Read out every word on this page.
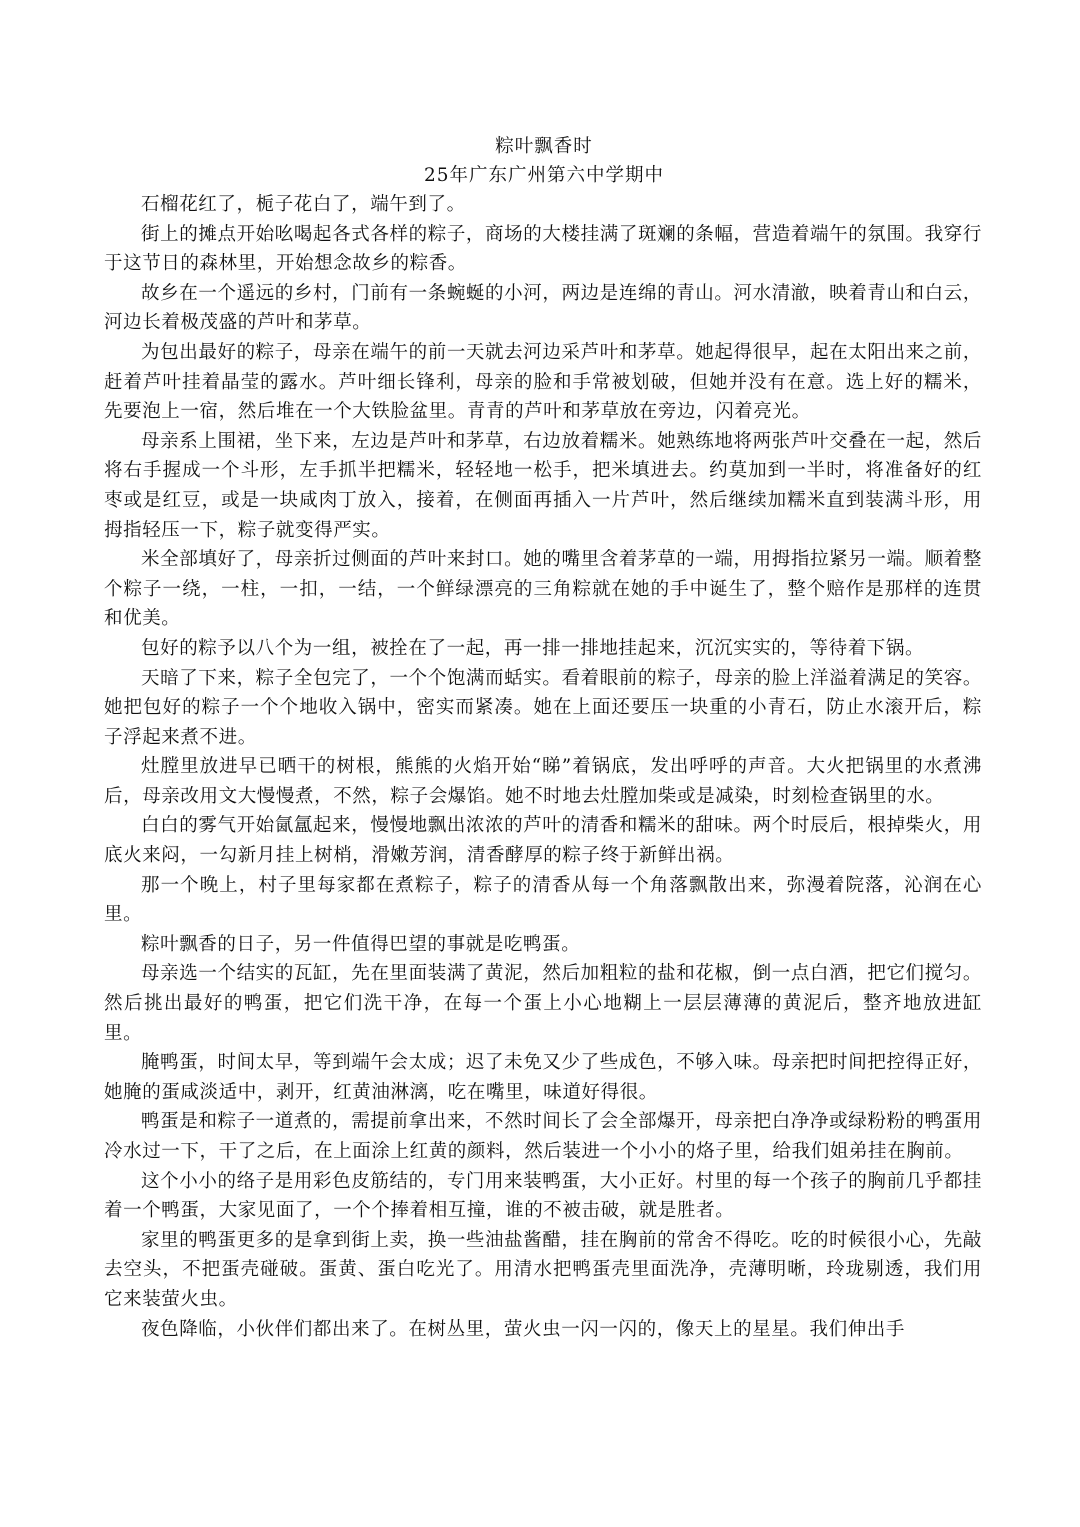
粽叶飘香时
25年广东广州第六中学期中

石榴花红了，栀子花白了，端午到了。

街上的摊点开始吆喝起各式各样的粽子，商场的大楼挂满了斑斓的条幅，营造着端午的氛围。我穿行于这节日的森林里，开始想念故乡的粽香。

故乡在一个遥远的乡村，门前有一条蜿蜒的小河，两边是连绵的青山。河水清澈，映着青山和白云，河边长着极茂盛的芦叶和茅草。

为包出最好的粽子，母亲在端午的前一天就去河边采芦叶和茅草。她起得很早，起在太阳出来之前，赶着芦叶挂着晶莹的露水。芦叶细长锋利，母亲的脸和手常被划破，但她并没有在意。选上好的糯米，先要泡上一宿，然后堆在一个大铁脸盆里。青青的芦叶和茅草放在旁边，闪着亮光。

母亲系上围裙，坐下来，左边是芦叶和茅草，右边放着糯米。她熟练地将两张芦叶交叠在一起，然后将右手握成一个斗形，左手抓半把糯米，轻轻地一松手，把米填进去。约莫加到一半时，将准备好的红枣或是红豆，或是一块咸肉丁放入，接着，在侧面再插入一片芦叶，然后继续加糯米直到装满斗形，用拇指轻压一下，粽子就变得严实。

米全部填好了，母亲折过侧面的芦叶来封口。她的嘴里含着茅草的一端，用拇指拉紧另一端。顺着整个粽子一绕，一柱，一扣，一结，一个鲜绿漂亮的三角粽就在她的手中诞生了，整个赔作是那样的连贯和优美。

包好的粽予以八个为一组，被拴在了一起，再一排一排地挂起来，沉沉实实的，等待着下锅。

天暗了下来，粽子全包完了，一个个饱满而蛞实。看着眼前的粽子，母亲的脸上洋溢着满足的笑容。她把包好的粽子一个个地收入锅中，密实而紧凑。她在上面还要压一块重的小青石，防止水滚开后，粽子浮起来煮不进。

灶膛里放进早已晒干的树根，熊熊的火焰开始“睇”着锅底，发出呼呼的声音。大火把锅里的水煮沸后，母亲改用文大慢慢煮，不然，粽子会爆馅。她不时地去灶膛加柴或是减染，时刻检查锅里的水。

白白的雾气开始氤氲起来，慢慢地飘出浓浓的芦叶的清香和糯米的甜味。两个时辰后，根掉柴火，用底火来闷，一勾新月挂上树梢，滑嫩芳润，清香酵厚的粽子终于新鲜出祸。

那一个晚上，村子里每家都在煮粽子，粽子的清香从每一个角落飘散出来，弥漫着院落，沁润在心里。

粽叶飘香的日子，另一件值得巴望的事就是吃鸭蛋。

母亲选一个结实的瓦缸，先在里面装满了黄泥，然后加粗粒的盐和花椒，倒一点白酒，把它们搅匀。然后挑出最好的鸭蛋，把它们洗干净，在每一个蛋上小心地糊上一层层薄薄的黄泥后，整齐地放进缸里。

腌鸭蛋，时间太早，等到端午会太成；迟了未免又少了些成色，不够入味。母亲把时间把控得正好，她腌的蛋咸淡适中，剥开，红黄油淋漓，吃在嘴里，味道好得很。

鸭蛋是和粽子一道煮的，需提前拿出来，不然时间长了会全部爆开，母亲把白净净或绿粉粉的鸭蛋用冷水过一下，干了之后，在上面涂上红黄的颜料，然后装进一个小小的烙子里，给我们姐弟挂在胸前。

这个小小的络子是用彩色皮筋结的，专门用来装鸭蛋，大小正好。村里的每一个孩子的胸前几乎都挂着一个鸭蛋，大家见面了，一个个捧着相互撞，谁的不被击破，就是胜者。

家里的鸭蛋更多的是拿到街上卖，换一些油盐酱醋，挂在胸前的常舍不得吃。吃的时候很小心，先敲去空头，不把蛋壳碰破。蛋黄、蛋白吃光了。用清水把鸭蛋壳里面洗净，壳薄明晰，玲珑剔透，我们用它来装萤火虫。

夜色降临，小伙伴们都出来了。在树丛里，萤火虫一闪一闪的，像天上的星星。我们伸出手
